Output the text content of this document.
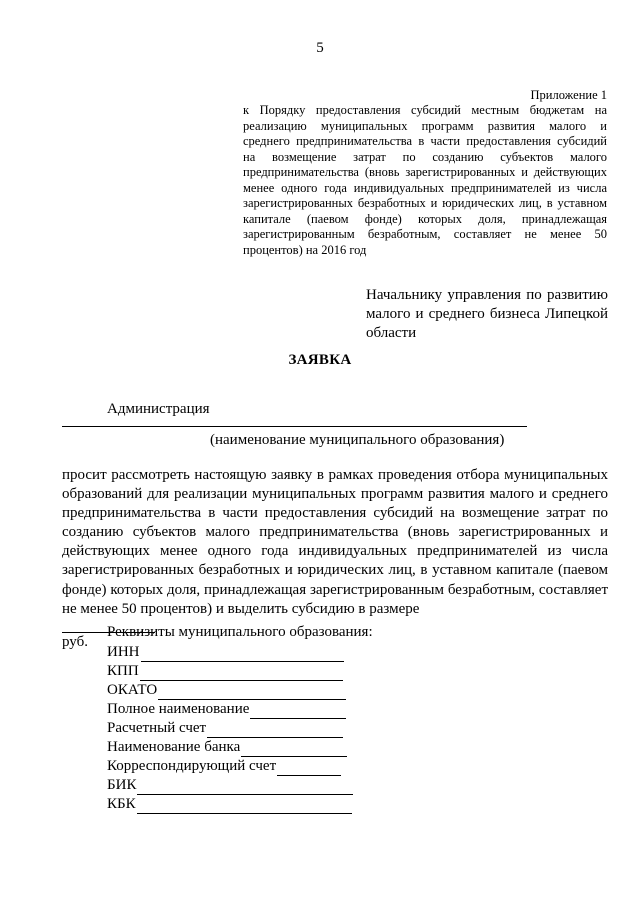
5
Приложение 1
к Порядку предоставления субсидий местным бюджетам на
реализацию муниципальных программ развития малого и
среднего предпринимательства в части предоставления субсидий
на возмещение затрат по созданию субъектов малого
предпринимательства (вновь зарегистрированных и действующих
менее одного года индивидуальных предпринимателей из числа
зарегистрированных безработных и юридических лиц, в уставном
капитале (паевом фонде) которых доля, принадлежащая
зарегистрированным безработным, составляет не менее 50
процентов) на 2016 год
Начальнику управления по развитию
малого и среднего бизнеса Липецкой
области
ЗАЯВКА
Администрация
(наименование муниципального образования)
просит рассмотреть настоящую заявку в рамках проведения отбора муниципальных
образований для реализации муниципальных программ развития малого и среднего
предпринимательства в части предоставления субсидий на возмещение затрат по
созданию субъектов малого предпринимательства (вновь зарегистрированных и
действующих менее одного года индивидуальных предпринимателей из числа
зарегистрированных безработных и юридических лиц, в уставном капитале (паевом
фонде) которых доля, принадлежащая зарегистрированным безработным, составляет
не менее 50 процентов) и выделить субсидию в размере
руб.
Реквизиты муниципального образования:
ИНН
КПП
ОКАТО
Полное наименование
Расчетный счет
Наименование банка
Корреспондирующий счет
БИК
КБК
